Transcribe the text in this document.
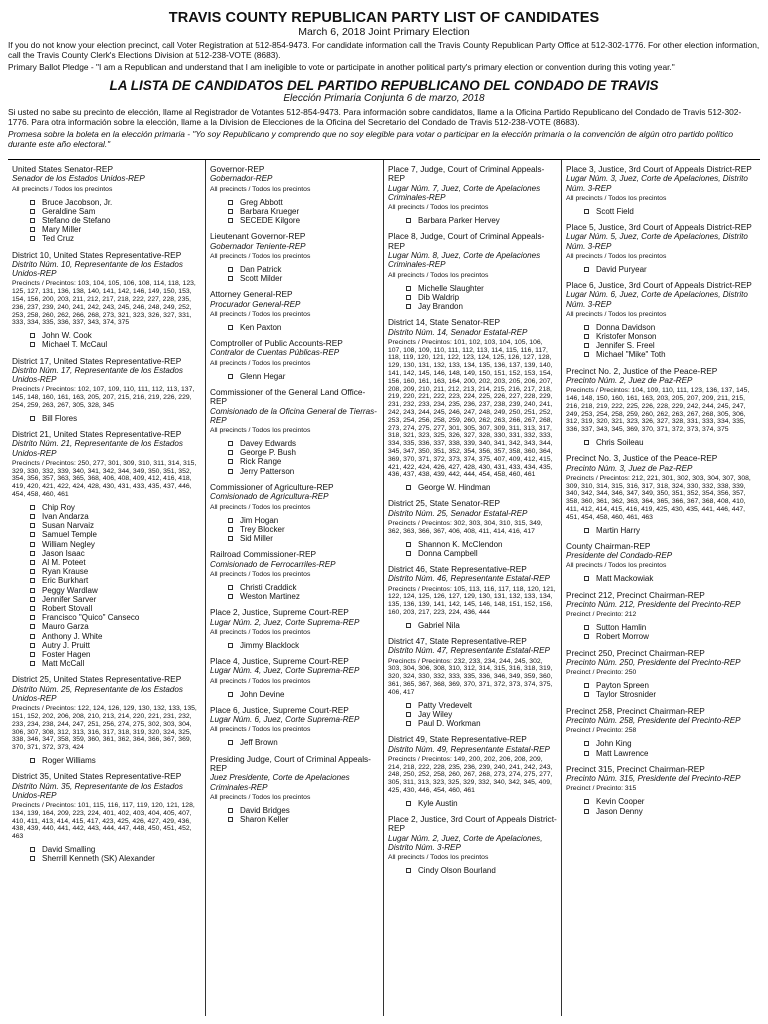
TRAVIS COUNTY REPUBLICAN PARTY LIST OF CANDIDATES
March 6, 2018 Joint Primary Election

If you do not know your election precinct, call Voter Registration at 512-854-9473. For candidate information call the Travis County Republican Party Office at 512-302-1776. For other election information, call the Travis County Clerk's Elections Division at 512-238-VOTE (8683).

Primary Ballot Pledge - "I am a Republican and understand that I am ineligible to vote or participate in another political party's primary election or convention during this voting year."

LA LISTA DE CANDIDATOS DEL PARTIDO REPUBLICANO DEL CONDADO DE TRAVIS
Elección Primaria Conjunta 6 de marzo, 2018

Si usted no sabe su precinto de elección, llame al Registrador de Votantes 512-854-9473. Para información sobre candidatos, llame a la Oficina Partido Republicano del Condado de Travis 512-302-1776. Para otra información sobre la elección, llame a la Division de Elecciones de la Oficina del Secretario del Condado de Travis 512-238-VOTE (8683).

Promesa sobre la boleta en la elección primaria - "Yo soy Republicano y comprendo que no soy elegible para votar o participar en la elección primaria o la convención de algún otro partido político durante este año electoral."

United States Senator-REP
Senador de los Estados Unidos-REP
All precincts / Todos los precintos
Bruce Jacobson, Jr.
Geraldine Sam
Stefano de Stefano
Mary Miller
Ted Cruz
District 10, United States Representative-REP
Distrito Núm. 10, Representante de los Estados Unidos-REP
Precincts / Precintos: 103, 104, 105, 106, 108, 114, 118, 123, 125, 127, 131, 136, 138, 140, 141, 142, 146, 149, 150, 153, 154, 156, 200, 203, 211, 212, 217, 218, 222, 227, 228, 235, 236, 237, 239, 240, 241, 242, 243, 245, 246, 248, 249, 252, 253, 258, 260, 262, 266, 268, 273, 321, 323, 326, 327, 331, 333, 334, 335, 336, 337, 343, 374, 375
John W. Cook
Michael T. McCaul
District 17, United States Representative-REP
Distrito Núm. 17, Representante de los Estados Unidos-REP
Precincts / Precintos: 102, 107, 109, 110, 111, 112, 113, 137, 145, 148, 160, 161, 163, 205, 207, 215, 216, 219, 226, 229, 254, 259, 263, 267, 305, 328, 345
Bill Flores
District 21, United States Representative-REP
Distrito Núm. 21, Representante de los Estados Unidos-REP
Precincts / Precintos: 250, 277, 301, 309, 310, 311, 314, 315, 329, 330, 332, 339, 340, 341, 342, 344, 349, 350, 351, 352, 354, 356, 357, 363, 365, 368, 406, 408, 409, 412, 416, 418, 419, 420, 421, 422, 424, 428, 430, 431, 433, 435, 437, 446, 454, 458, 460, 461
Chip Roy
Ivan Andarza
Susan Narvaiz
Samuel Temple
William Negley
Jason Isaac
Al M. Poteet
Ryan Krause
Eric Burkhart
Peggy Wardlaw
Jennifer Sarver
Robert Stovall
Francisco "Quico" Canseco
Mauro Garza
Anthony J. White
Autry J. Pruitt
Foster Hagen
Matt McCall
District 25, United States Representative-REP
Distrito Núm. 25, Representante de los Estados Unidos-REP
Precincts / Precintos: 122, 124, 126, 129, 130, 132, 133, 135, 151, 152, 202, 206, 208, 210, 213, 214, 220, 221, 231, 232, 233, 234, 238, 244, 247, 251, 256, 274, 275, 302, 303, 304, 306, 307, 308, 312, 313, 316, 317, 318, 319, 320, 324, 325, 338, 346, 347, 358, 359, 360, 361, 362, 364, 366, 367, 369, 370, 371, 372, 373, 424
Roger Williams
District 35, United States Representative-REP
Distrito Núm. 35, Representante de los Estados Unidos-REP
Precincts / Precintos: 101, 115, 116, 117, 119, 120, 121, 128, 134, 139, 164, 209, 223, 224, 401, 402, 403, 404, 405, 407, 410, 411, 413, 414, 415, 417, 423, 425, 426, 427, 429, 436, 438, 439, 440, 441, 442, 443, 444, 447, 448, 450, 451, 452, 463
David Smalling
Sherrill Kenneth (SK) Alexander
Governor-REP
Gobernador-REP
All precincts / Todos los precintos
Greg Abbott
Barbara Krueger
SECEDE Kilgore
Lieutenant Governor-REP
Gobernador Teniente-REP
All precincts / Todos los precintos
Dan Patrick
Scott Milder
Attorney General-REP
Procurador General-REP
All precincts / Todos los precintos
Ken Paxton
Comptroller of Public Accounts-REP
Contralor de Cuentas Públicas-REP
All precincts / Todos los precintos
Glenn Hegar
Commissioner of the General Land Office-REP
Comisionado de la Oficina General de Tierras-REP
All precincts / Todos los precintos
Davey Edwards
George P. Bush
Rick Range
Jerry Patterson
Commissioner of Agriculture-REP
Comisionado de Agricultura-REP
All precincts / Todos los precintos
Jim Hogan
Trey Blocker
Sid Miller
Railroad Commissioner-REP
Comisionado de Ferrocarriles-REP
All precincts / Todos los precintos
Christi Craddick
Weston Martinez
Place 2, Justice, Supreme Court-REP
Lugar Núm. 2, Juez, Corte Suprema-REP
All precincts / Todos los precintos
Jimmy Blacklock
Place 4, Justice, Supreme Court-REP
Lugar Núm. 4, Juez, Corte Suprema-REP
All precincts / Todos los precintos
John Devine
Place 6, Justice, Supreme Court-REP
Lugar Núm. 6, Juez, Corte Suprema-REP
All precincts / Todos los precintos
Jeff Brown
Presiding Judge, Court of Criminal Appeals-REP
Juez Presidente, Corte de Apelaciones Criminales-REP
All precincts / Todos los precintos
David Bridges
Sharon Keller
Place 7, Judge, Court of Criminal Appeals-REP
Lugar Núm. 7, Juez, Corte de Apelaciones Criminales-REP
All precincts / Todos los precintos
Barbara Parker Hervey
Place 8, Judge, Court of Criminal Appeals-REP
Lugar Núm. 8, Juez, Corte de Apelaciones Criminales-REP
All precincts / Todos los precintos
Michelle Slaughter
Dib Waldrip
Jay Brandon
District 14, State Senator-REP
Distrito Núm. 14, Senador Estatal-REP
Precincts / Precintos: 101, 102, 103, 104, 105, 106, 107, 108, 109, 110, 111, 112, 113, 114, 115, 116, 117, 118, 119, 120, 121, 122, 123, 124, 125, 126, 127, 128, 129, 130, 131, 132, 133, 134, 135, 136, 137, 139, 140, 141, 142, 145, 146, 148, 149, 150, 151, 152, 153, 154, 156, 160, 161, 163, 164, 200, 202, 203, 205, 206, 207, 208, 209, 210, 211, 212, 213, 214, 215, 216, 217, 218, 219, 220, 221, 222, 223, 224, 225, 226, 227, 228, 229, 231, 232, 233, 234, 235, 236, 237, 238, 239, 240, 241, 242, 243, 244, 245, 246, 247, 248, 249, 250, 251, 252, 253, 254, 256, 258, 259, 260, 262, 263, 266, 267, 268, 273, 274, 275, 277, 301, 305, 307, 309, 311, 313, 317, 318, 321, 323, 325, 326, 327, 328, 330, 331, 332, 333, 334, 335, 336, 337, 338, 339, 340, 341, 342, 343, 344, 345, 347, 350, 351, 352, 354, 356, 357, 358, 360, 364, 369, 370, 371, 372, 373, 374, 375, 407, 409, 412, 415, 421, 422, 424, 426, 427, 428, 430, 431, 433, 434, 435, 436, 437, 438, 439, 442, 444, 454, 458, 460, 461
George W. Hindman
District 25, State Senator-REP
Distrito Núm. 25, Senador Estatal-REP
Precincts / Precintos: 302, 303, 304, 310, 315, 349, 362, 363, 366, 367, 406, 408, 411, 414, 416, 417
Shannon K. McClendon
Donna Campbell
District 46, State Representative-REP
Distrito Núm. 46, Representante Estatal-REP
Precincts / Precintos: 105, 113, 116, 117, 118, 120, 121, 122, 124, 125, 126, 127, 129, 130, 131, 132, 133, 134, 135, 136, 139, 141, 142, 145, 146, 148, 151, 152, 156, 160, 203, 217, 223, 224, 436, 444
Gabriel Nila
District 47, State Representative-REP
Distrito Núm. 47, Representante Estatal-REP
Precincts / Precintos: 232, 233, 234, 244, 245, 302, 303, 304, 306, 308, 310, 312, 314, 315, 316, 318, 319, 320, 324, 330, 332, 333, 335, 336, 346, 349, 359, 360, 361, 365, 367, 368, 369, 370, 371, 372, 373, 374, 375, 406, 417
Patty Vredevelt
Jay Wiley
Paul D. Workman
District 49, State Representative-REP
Distrito Núm. 49, Representante Estatal-REP
Precincts / Precintos: 149, 200, 202, 206, 208, 209, 214, 218, 222, 228, 235, 236, 239, 240, 241, 242, 243, 248, 250, 252, 258, 260, 267, 268, 273, 274, 275, 277, 305, 311, 313, 323, 325, 329, 332, 340, 342, 345, 409, 425, 430, 446, 454, 460, 461
Kyle Austin
Place 2, Justice, 3rd Court of Appeals District-REP
Lugar Núm. 2, Juez, Corte de Apelaciones, Distrito Núm. 3-REP
All precincts / Todos los precintos
Cindy Olson Bourland
Place 3, Justice, 3rd Court of Appeals District-REP
Lugar Núm. 3, Juez, Corte de Apelaciones, Distrito Núm. 3-REP
All precincts / Todos los precintos
Scott Field
Place 5, Justice, 3rd Court of Appeals District-REP
Lugar Núm. 5, Juez, Corte de Apelaciones, Distrito Núm. 3-REP
All precincts / Todos los precintos
David Puryear
Place 6, Justice, 3rd Court of Appeals District-REP
Lugar Núm. 6, Juez, Corte de Apelaciones, Distrito Núm. 3-REP
All precincts / Todos los precintos
Donna Davidson
Kristofer Monson
Jennifer S. Freel
Michael "Mike" Toth
Precinct No. 2, Justice of the Peace-REP
Precinto Núm. 2, Juez de Paz-REP
Precincts / Precintos: 104, 109, 110, 111, 123, 136, 137, 145, 146, 148, 150, 160, 161, 163, 203, 205, 207, 209, 211, 215, 216, 218, 219, 222, 225, 226, 228, 229, 242, 244, 245, 247, 249, 253, 254, 258, 259, 260, 262, 263, 267, 268, 305, 306, 312, 319, 320, 321, 323, 326, 327, 328, 331, 333, 334, 335, 336, 337, 343, 345, 369, 370, 371, 372, 373, 374, 375
Chris Soileau
Precinct No. 3, Justice of the Peace-REP
Precinto Núm. 3, Juez de Paz-REP
Precincts / Precintos: 212, 221, 301, 302, 303, 304, 307, 308, 309, 310, 314, 315, 316, 317, 318, 324, 330, 332, 338, 339, 340, 342, 344, 346, 347, 349, 350, 351, 352, 354, 356, 357, 358, 360, 361, 362, 363, 364, 365, 366, 367, 368, 408, 410, 411, 412, 414, 415, 416, 419, 425, 430, 435, 441, 446, 447, 451, 454, 458, 460, 461, 463
Martin Harry
County Chairman-REP
Presidente del Condado-REP
All precincts / Todos los precintos
Matt Mackowiak
Precinct 212, Precinct Chairman-REP
Precinto Núm. 212, Presidente del Precinto-REP
Precinct / Precinto: 212
Sutton Hamlin
Robert Morrow
Precinct 250, Precinct Chairman-REP
Precinto Núm. 250, Presidente del Precinto-REP
Precinct / Precinto: 250
Payton Spreen
Taylor Strosnider
Precinct 258, Precinct Chairman-REP
Precinto Núm. 258, Presidente del Precinto-REP
Precinct / Precinto: 258
John King
Matt Lawrence
Precinct 315, Precinct Chairman-REP
Precinto Núm. 315, Presidente del Precinto-REP
Precinct / Precinto: 315
Kevin Cooper
Jason Denny
